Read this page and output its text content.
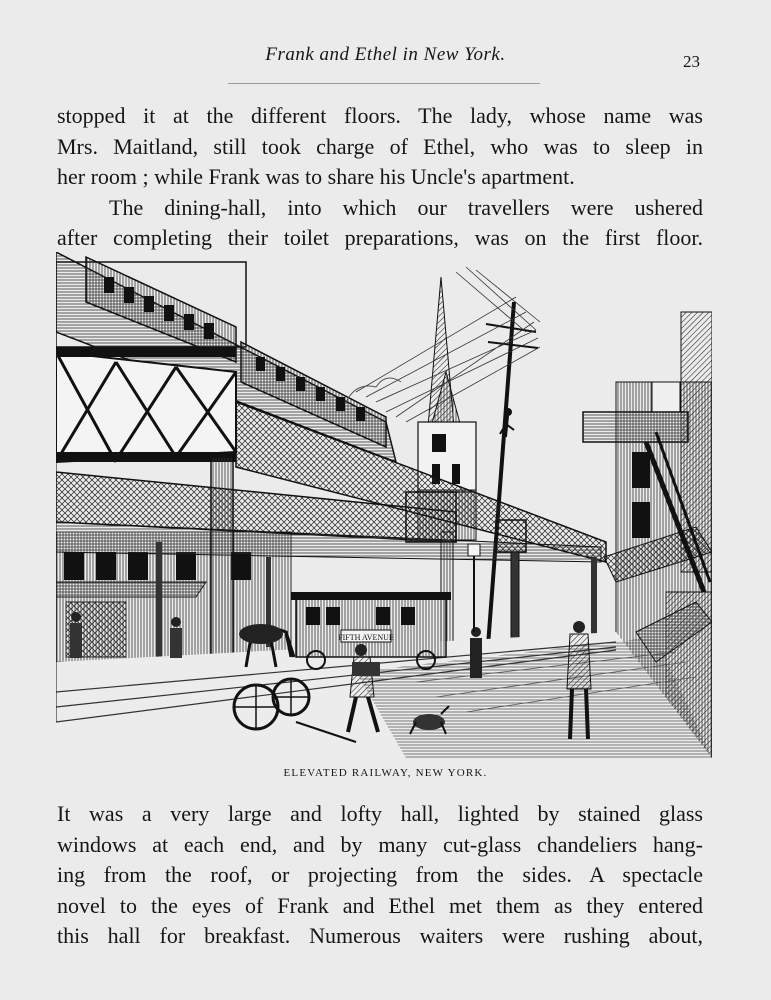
Frank and Ethel in New York.	23
stopped it at the different floors. The lady, whose name was
Mrs. Maitland, still took charge of Ethel, who was to sleep in
her room ; while Frank was to share his Uncle's apartment.
The dining-hall, into which our travellers were ushered
after completing their toilet preparations, was on the first floor.
FIFTH AVENUE
ELEVATED RAILWAY, NEW YORK.
It was a very large and lofty hall, lighted by stained glass
windows at each end, and by many cut-glass chandeliers hang-
ing from the roof, or projecting from the sides. A spectacle
novel to the eyes of Frank and Ethel met them as they entered
this hall for breakfast. Numerous waiters were rushing about,
